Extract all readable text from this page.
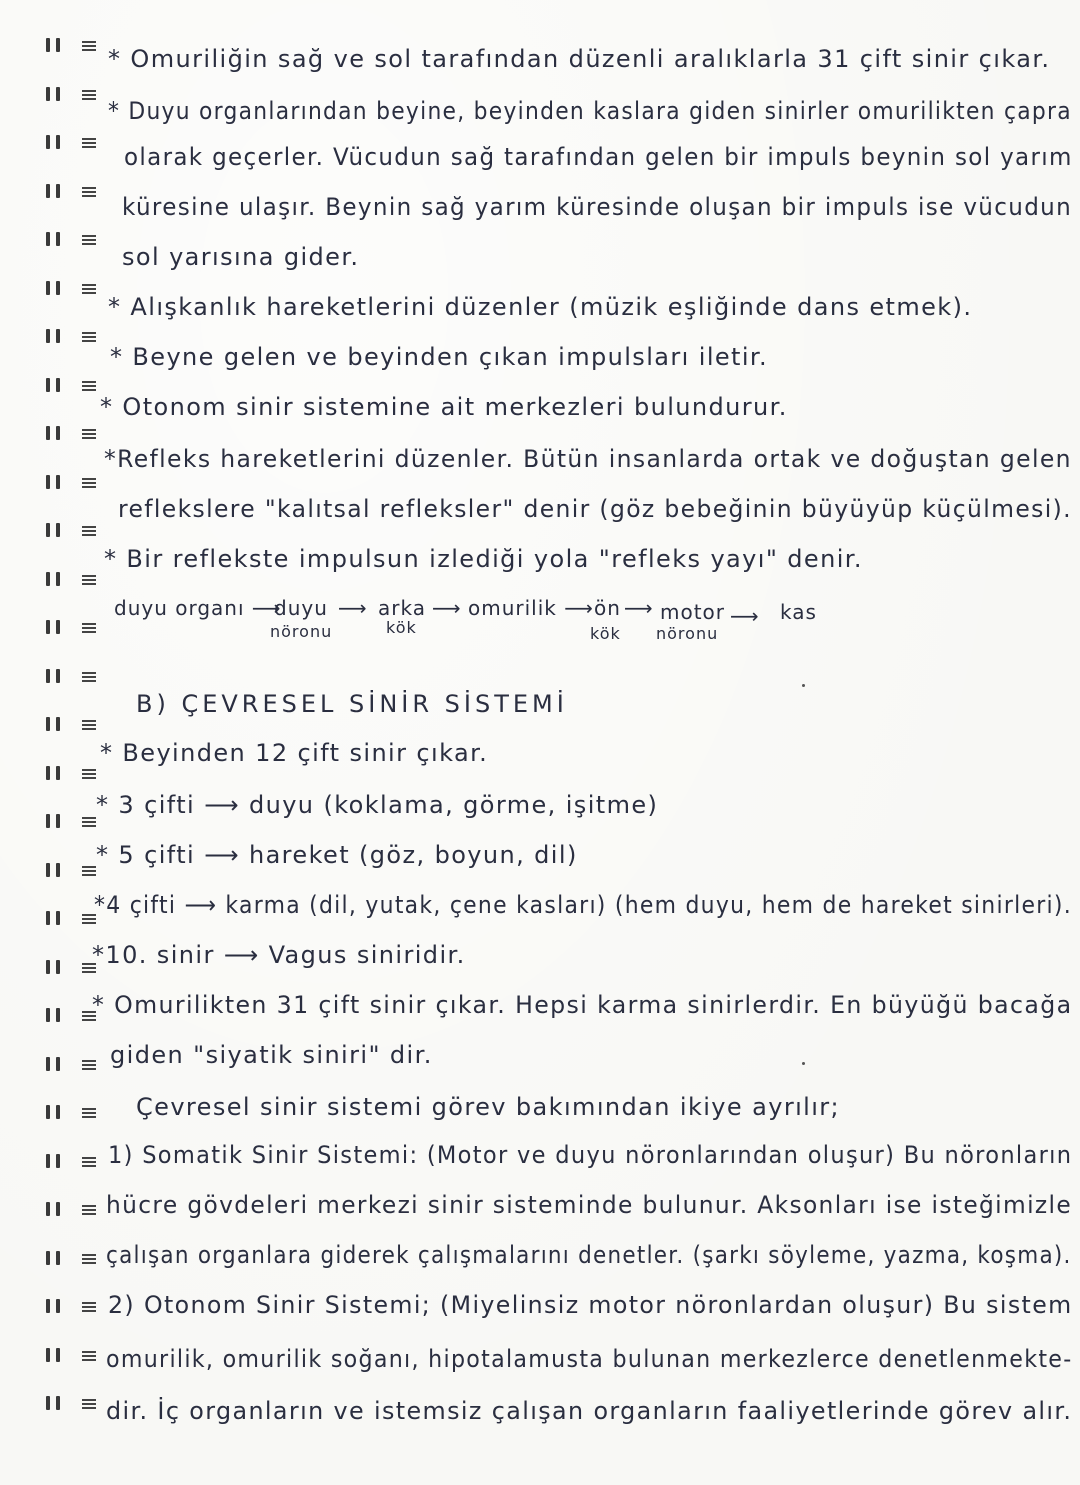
* Omuriliğin sağ ve sol tarafından düzenli aralıklarla 31 çift sinir çıkar.
* Duyu organlarından beyine, beyinden kaslara giden sinirler omurilikten çapra
olarak geçerler. Vücudun sağ tarafından gelen bir impuls beynin sol yarım
küresine ulaşır. Beynin sağ yarım küresinde oluşan bir impuls ise vücudun
sol yarısına gider.
* Alışkanlık hareketlerini düzenler (müzik eşliğinde dans etmek).
* Beyne gelen ve beyinden çıkan impulsları iletir.
* Otonom sinir sistemine ait merkezleri bulundurur.
*Refleks hareketlerini düzenler. Bütün insanlarda ortak ve doğuştan gelen
reflekslere "kalıtsal refleksler" denir (göz bebeğinin büyüyüp küçülmesi).
* Bir reflekste impulsun izlediği yola "refleks yayı" denir.
duyu organı ⟶
duyu
nöronu
⟶ arka
kök
⟶ omurilik ⟶ ön
kök
⟶ motor
nöronu
⟶ kas
B) ÇEVRESEL SİNİR SİSTEMİ
* Beyinden 12 çift sinir çıkar.
* 3 çifti ⟶ duyu (koklama, görme, işitme)
* 5 çifti ⟶ hareket (göz, boyun, dil)
*4 çifti ⟶ karma (dil, yutak, çene kasları) (hem duyu, hem de hareket sinirleri).
*10. sinir ⟶ Vagus siniridir.
* Omurilikten 31 çift sinir çıkar. Hepsi karma sinirlerdir. En büyüğü bacağa
giden "siyatik siniri" dir.
Çevresel sinir sistemi görev bakımından ikiye ayrılır;
1) Somatik Sinir Sistemi: (Motor ve duyu nöronlarından oluşur) Bu nöronların
hücre gövdeleri merkezi sinir sisteminde bulunur. Aksonları ise isteğimizle
çalışan organlara giderek çalışmalarını denetler. (şarkı söyleme, yazma, koşma).
2) Otonom Sinir Sistemi; (Miyelinsiz motor nöronlardan oluşur) Bu sistem
omurilik, omurilik soğanı, hipotalamusta bulunan merkezlerce denetlenmekte-
dir. İç organların ve istemsiz çalışan organların faaliyetlerinde görev alır.
